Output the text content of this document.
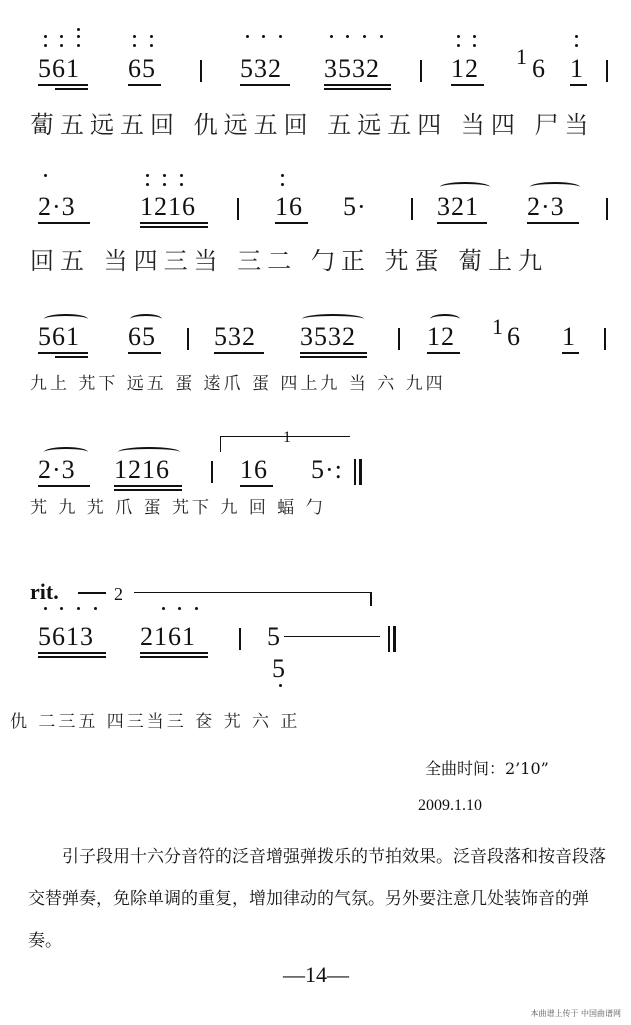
561 65	532 3532	12 1 6 1
蔔五远五回 仇远五回 五远五四 当四 尸当
2·3 1216	16 5·	321 2·3
回五 当四三当 三二 勹正 艽蛋 蔔上九
561 65 532 3532	12 1 6 1
九上 艽下 远五 蛋 逺爪 蛋 四上九 当 六 九四
2·3 1216
1
16 5·:
艽 九 艽 爪 蛋 艽下 九 回 蝠 勹
rit.	2
5613 2161	5
5
仇 二三五 四三当三 奁 艽 六 正
全曲时间：2’10”
2009.1.10
引子段用十六分音符的泛音增强弹拨乐的节拍效果。泛音段落和按音段落交替弹奏，免除单调的重复，增加律动的气氛。另外要注意几处装饰音的弹奏。
—14—
本曲谱上传于 中国曲谱网
